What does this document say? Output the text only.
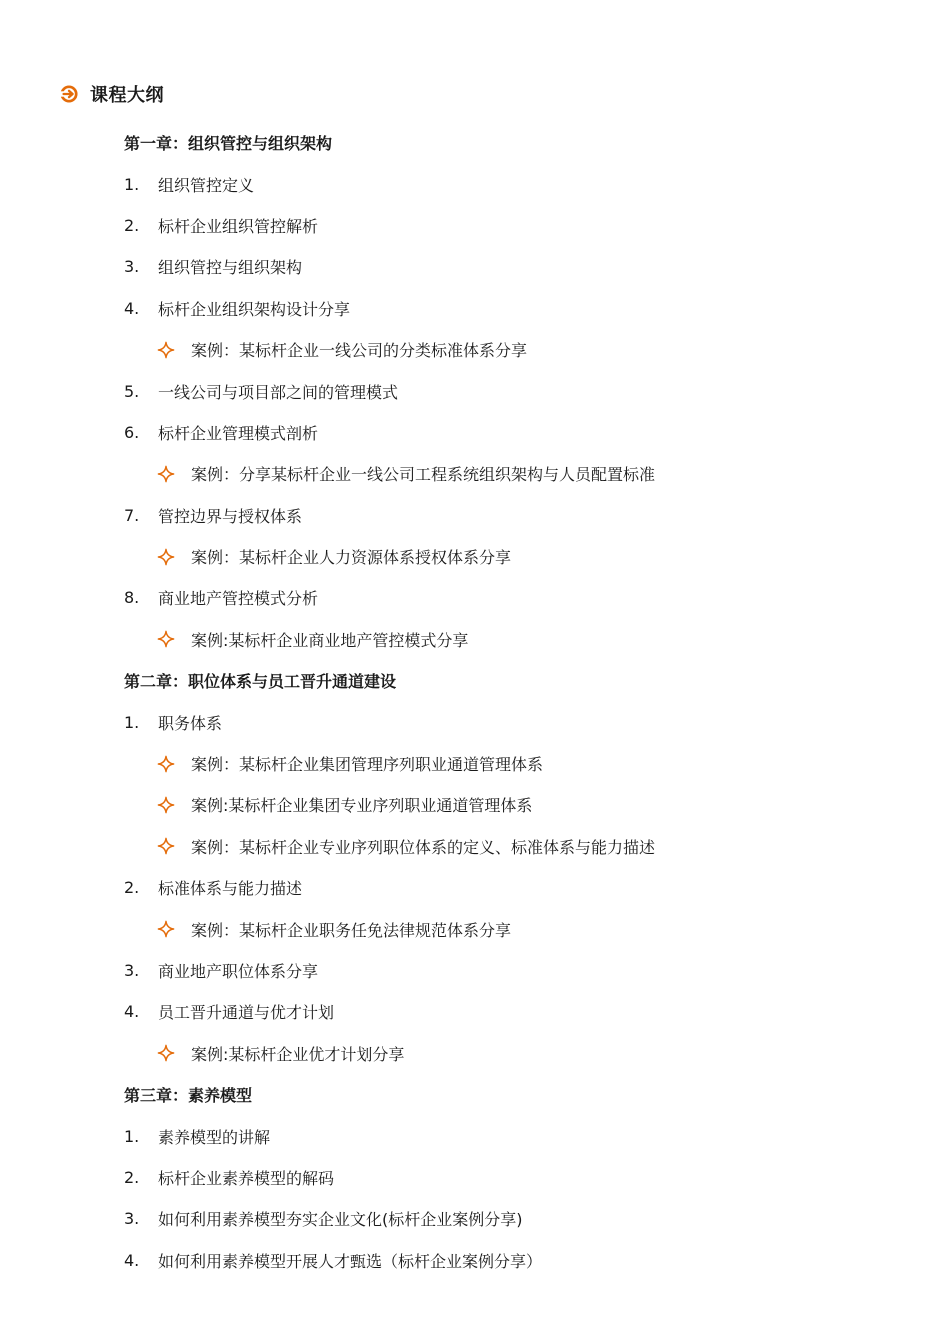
课程大纲
第一章：组织管控与组织架构
1.	组织管控定义
2.	标杆企业组织管控解析
3.	组织管控与组织架构
4.	标杆企业组织架构设计分享
案例：某标杆企业一线公司的分类标准体系分享
5.	一线公司与项目部之间的管理模式
6.	标杆企业管理模式剖析
案例：分享某标杆企业一线公司工程系统组织架构与人员配置标准
7.	管控边界与授权体系
案例：某标杆企业人力资源体系授权体系分享
8.	商业地产管控模式分析
案例:某标杆企业商业地产管控模式分享
第二章：职位体系与员工晋升通道建设
1.	职务体系
案例：某标杆企业集团管理序列职业通道管理体系
案例:某标杆企业集团专业序列职业通道管理体系
案例：某标杆企业专业序列职位体系的定义、标准体系与能力描述
2.	标准体系与能力描述
案例：某标杆企业职务任免法律规范体系分享
3.	商业地产职位体系分享
4.	员工晋升通道与优才计划
案例:某标杆企业优才计划分享
第三章：素养模型
1.	素养模型的讲解
2.	标杆企业素养模型的解码
3.	如何利用素养模型夯实企业文化(标杆企业案例分享)
4.	如何利用素养模型开展人才甄选（标杆企业案例分享）
